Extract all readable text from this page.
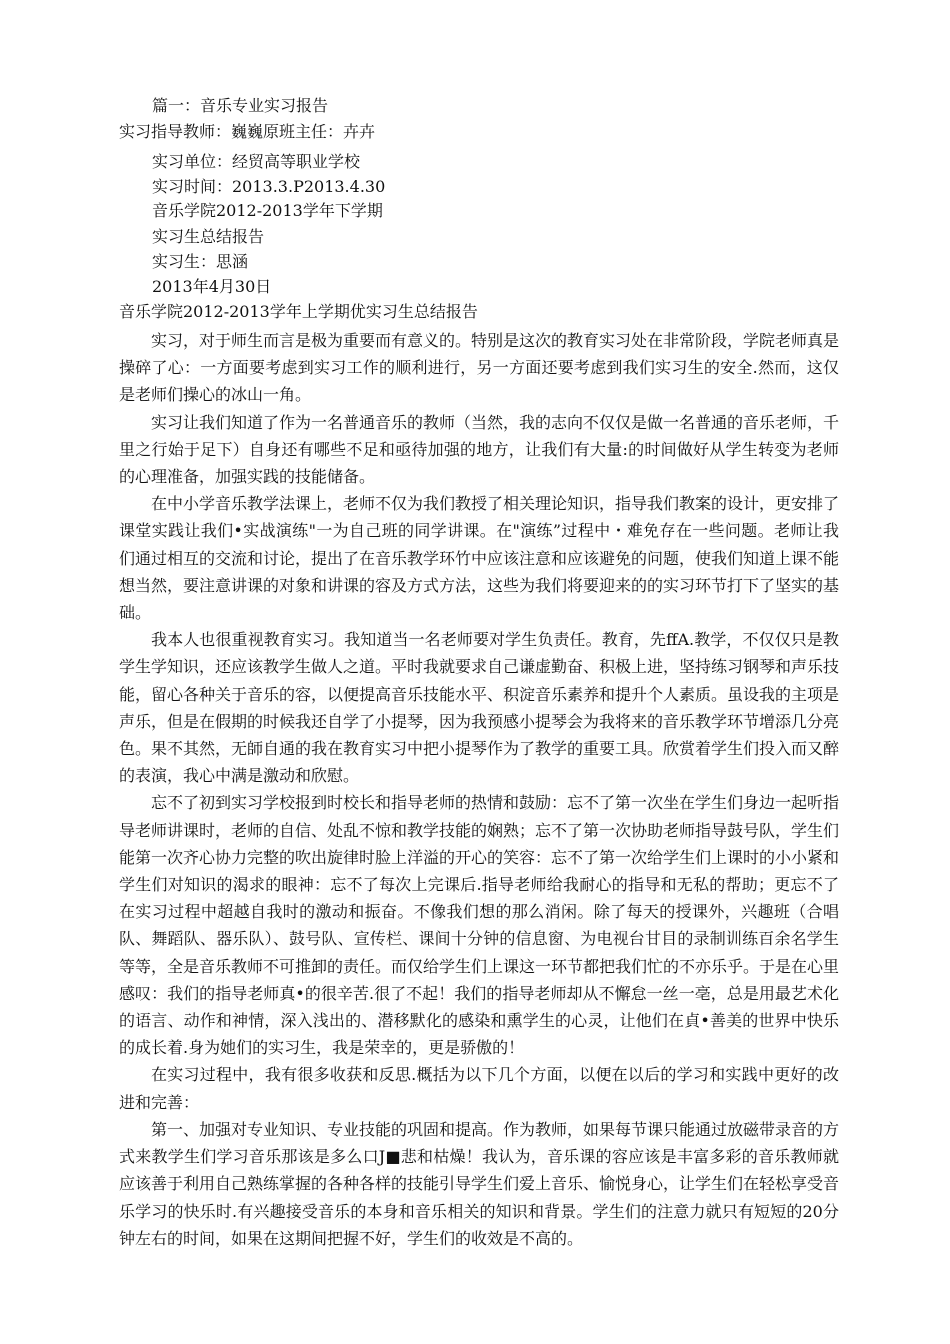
篇一：音乐专业实习报告
实习指导教师：巍巍原班主任：卉卉
实习单位：经贸高等职业学校
实习时间：2013.3.P2013.4.30
音乐学院2012-2013学年下学期
实习生总结报告
实习生：思涵
2013年4月30日
音乐学院2012-2013学年上学期优实习生总结报告

实习，对于师生而言是极为重要而有意义的。特别是这次的教育实习处在非常阶段，学院老师真是操碎了心：一方面要考虑到实习工作的顺利进行，另一方面还要考虑到我们实习生的安全.然而，这仅是老师们操心的冰山一角。

实习让我们知道了作为一名普通音乐的教师（当然，我的志向不仅仅是做一名普通的音乐老师，千里之行始于足下）自身还有哪些不足和亟待加强的地方，让我们有大量:的时间做好从学生转变为老师的心理准备，加强实践的技能储备。

在中小学音乐教学法课上，老师不仅为我们教授了相关理论知识，指导我们教案的设计，更安排了课堂实践让我们•实战演练"一为自己班的同学讲课。在"演练”过程中・难免存在一些问题。老师让我们通过相互的交流和讨论，提出了在音乐教学环竹中应该注意和应该避免的问题，使我们知道上课不能想当然，要注意讲课的对象和讲课的容及方式方法，这些为我们将要迎来的的实习环节打下了坚实的基础。

我本人也很重视教育实习。我知道当一名老师要对学生负责任。教育，先ffA.教学，不仅仅只是教学生学知识，还应该教学生做人之道。平时我就要求自己谦虚勤奋、积极上进，坚持练习钢琴和声乐技能，留心各种关于音乐的容，以便提高音乐技能水平、积淀音乐素养和提升个人素质。虽设我的主项是声乐，但是在假期的时候我还自学了小提琴，因为我预感小提琴会为我将来的音乐教学环节增添几分亮色。果不其然，无師自通的我在教育实习中把小提琴作为了教学的重要工具。欣赏着学生们投入而又醉的表演，我心中满是激动和欣慰。

忘不了初到实习学校报到时校长和指导老师的热情和鼓励：忘不了第一次坐在学生们身边一起听指导老师讲课时，老师的自信、处乱不惊和教学技能的娴熟；忘不了第一次协助老师指导鼓号队，学生们能第一次齐心协力完整的吹出旋律时脸上洋溢的开心的笑容：忘不了第一次给学生们上课时的小小紧和学生们对知识的渴求的眼神：忘不了每次上完课后.指导老师给我耐心的指导和无私的帮助；更忘不了在实习过程中超越自我时的激动和振奋。不像我们想的那么消闲。除了每天的授课外，兴趣班（合唱队、舞蹈队、器乐队）、鼓号队、宣传栏、课间十分钟的信息窗、为电视台甘目的录制训练百余名学生等等，全是音乐教师不可推卸的责任。而仅给学生们上课这一环节都把我们忙的不亦乐乎。于是在心里感叹：我们的指导老师真•的很辛苦.很了不起！我们的指导老师却从不懈怠一丝一亳，总是用最艺术化的语言、动作和神情，深入浅出的、潜移默化的感染和熏学生的心灵，让他们在貞•善美的世界中快乐的成长着.身为她们的实习生，我是荣幸的，更是骄傲的！

在实习过程中，我有很多收获和反思.概括为以下几个方面，以便在以后的学习和实践中更好的改进和完善：

第一、加强对专业知识、专业技能的巩固和提高。作为教师，如果每节课只能通过放磁带录音的方式来教学生们学习音乐那该是多么口J■悲和枯燥！我认为，音乐课的容应该是丰富多彩的音乐教师就应该善于利用自己熟练掌握的各种各样的技能引导学生们爱上音乐、愉悦身心，让学生们在轻松享受音乐学习的快乐时.有兴趣接受音乐的本身和音乐相关的知识和背景。学生们的注意力就只有短短的20分钟左右的时间，如果在这期间把握不好，学生们的收效是不高的。
